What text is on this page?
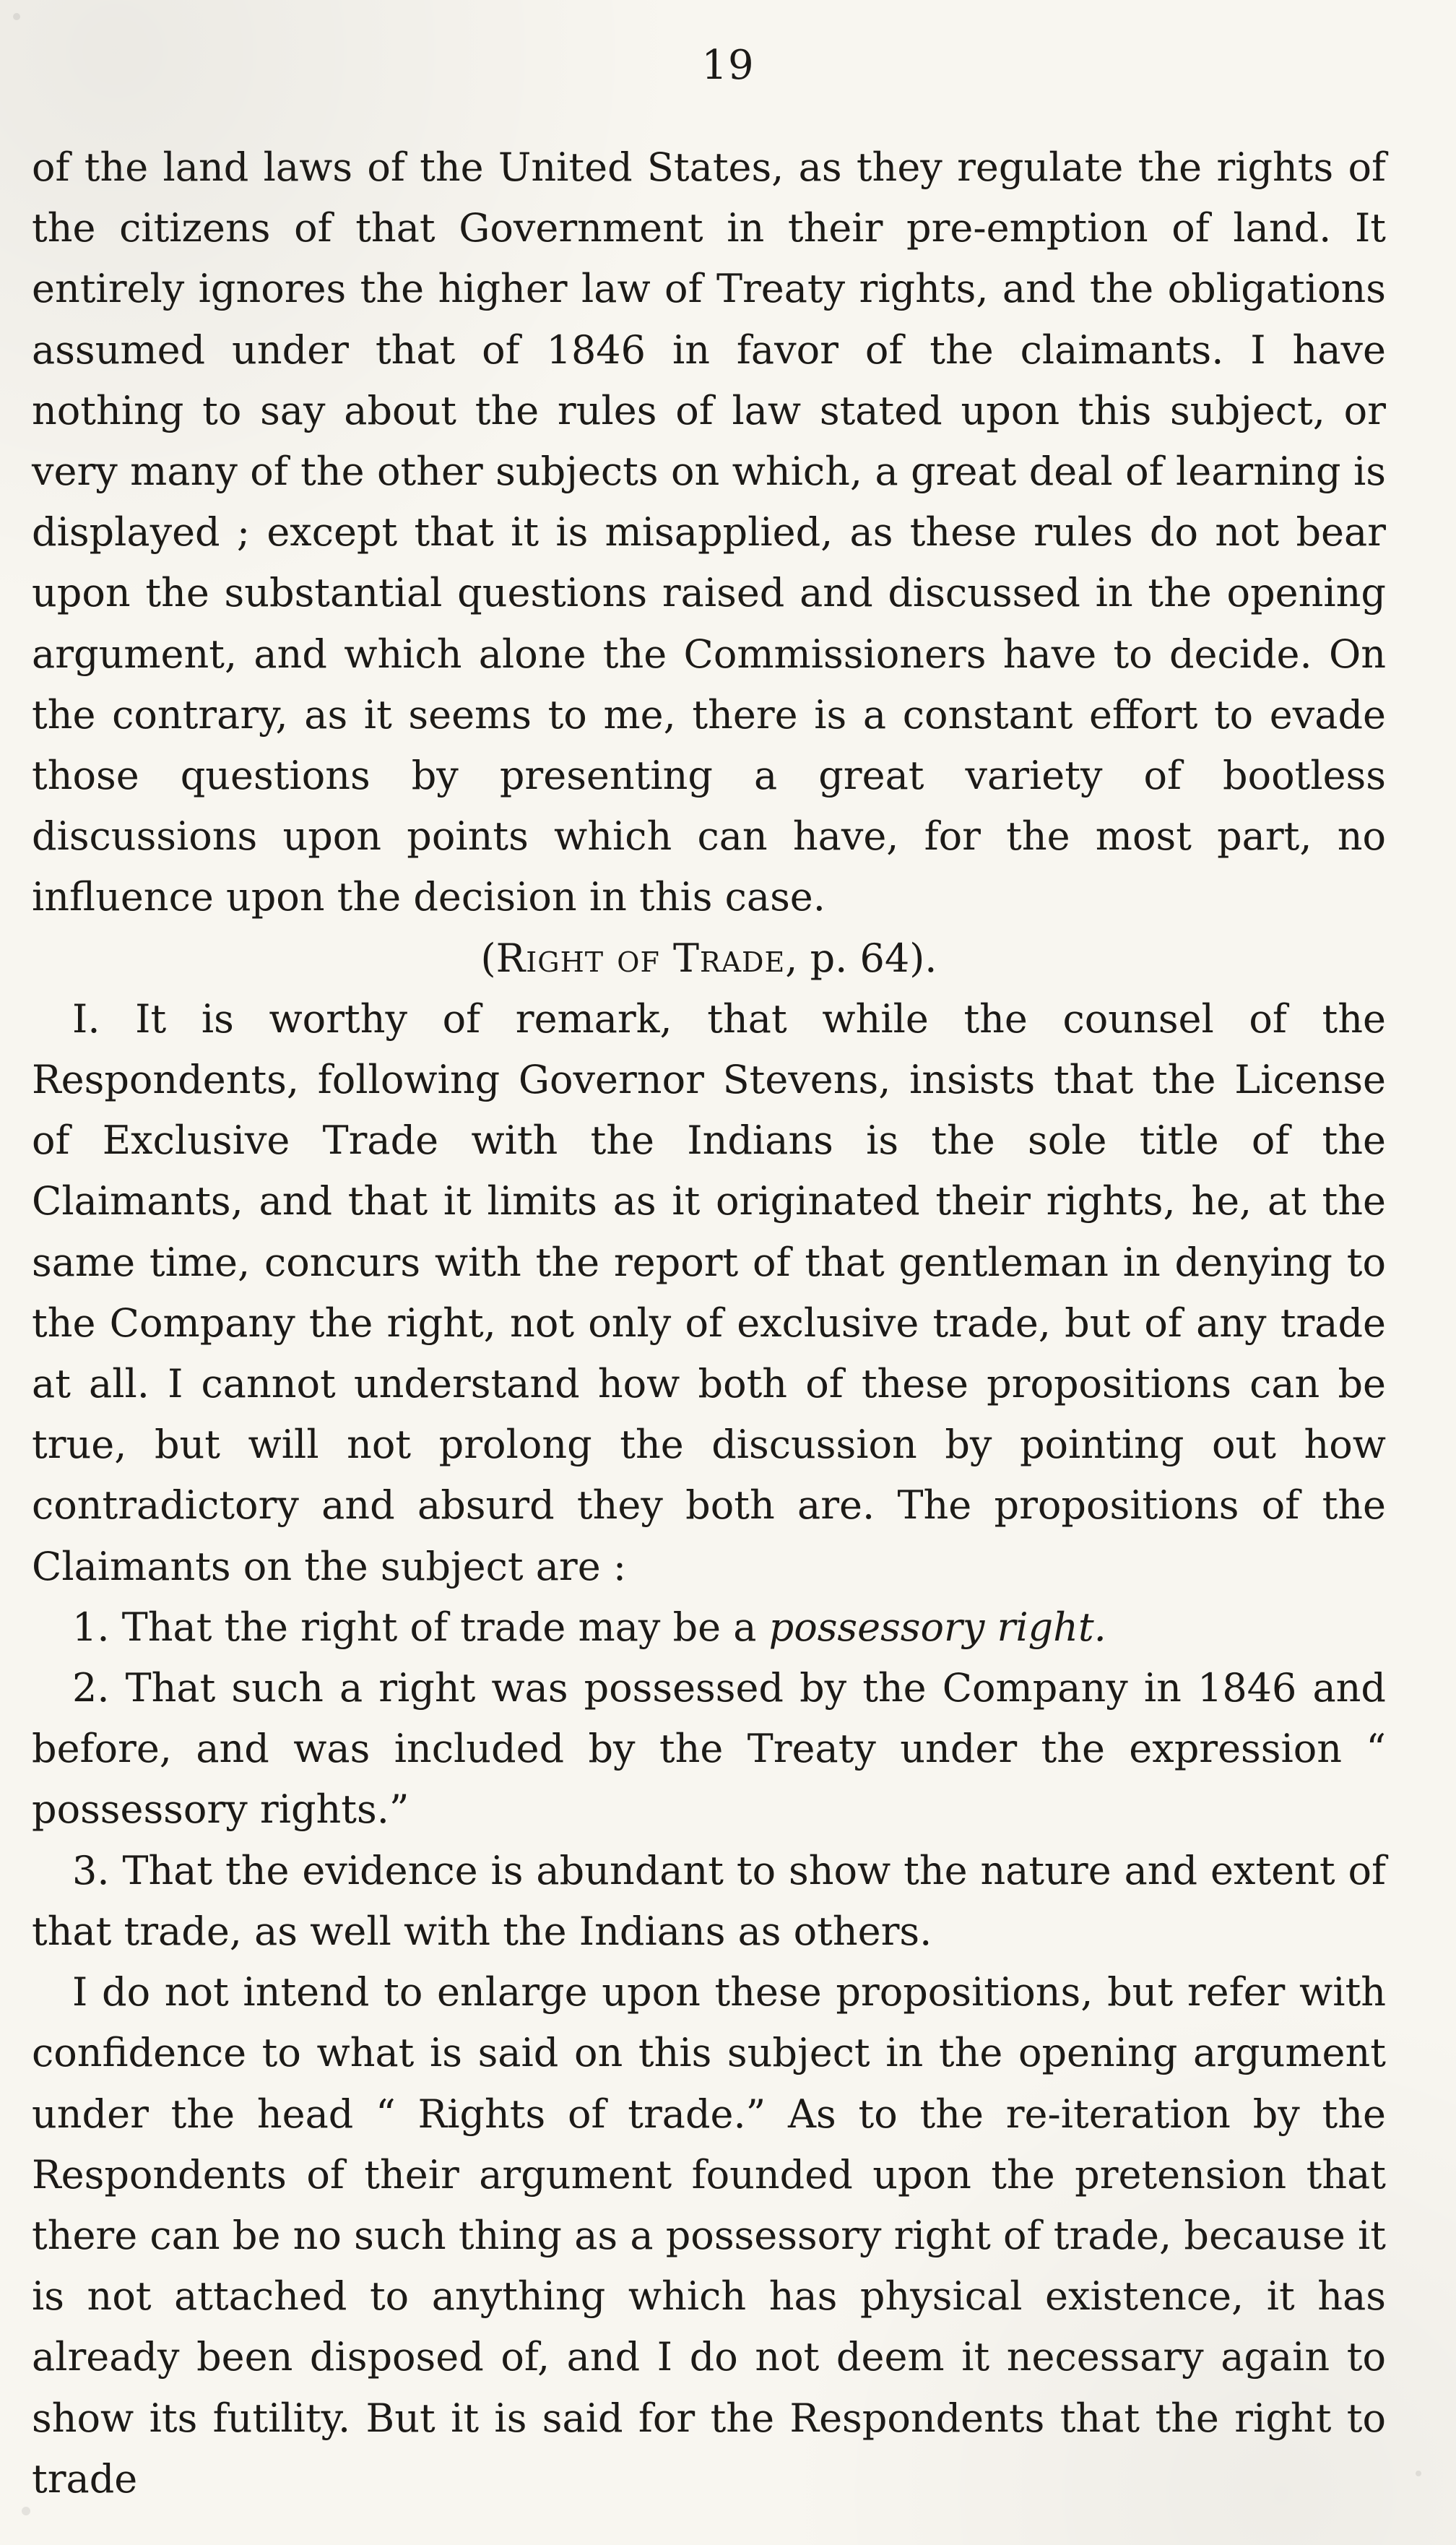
19

of the land laws of the United States, as they regulate the rights of the citizens of that Government in their pre-emption of land. It entirely ignores the higher law of Treaty rights, and the obligations assumed under that of 1846 in favor of the claimants. I have nothing to say about the rules of law stated upon this subject, or very many of the other subjects on which, a great deal of learning is displayed ; except that it is misapplied, as these rules do not bear upon the substantial questions raised and discussed in the opening argument, and which alone the Commissioners have to decide. On the contrary, as it seems to me, there is a constant effort to evade those questions by presenting a great variety of bootless discussions upon points which can have, for the most part, no influence upon the decision in this case.

(Right of Trade, p. 64).

I. It is worthy of remark, that while the counsel of the Respondents, following Governor Stevens, insists that the License of Exclusive Trade with the Indians is the sole title of the Claimants, and that it limits as it originated their rights, he, at the same time, concurs with the report of that gentleman in denying to the Company the right, not only of exclusive trade, but of any trade at all. I cannot understand how both of these propositions can be true, but will not prolong the discussion by pointing out how contradictory and absurd they both are. The propositions of the Claimants on the subject are :

1. That the right of trade may be a possessory right.

2. That such a right was possessed by the Company in 1846 and before, and was included by the Treaty under the expression “ possessory rights.”

3. That the evidence is abundant to show the nature and extent of that trade, as well with the Indians as others.

I do not intend to enlarge upon these propositions, but refer with confidence to what is said on this subject in the opening argument under the head “ Rights of trade.” As to the re-iteration by the Respondents of their argument founded upon the pretension that there can be no such thing as a possessory right of trade, because it is not attached to anything which has physical existence, it has already been disposed of, and I do not deem it necessary again to show its futility. But it is said for the Respondents that the right to trade
